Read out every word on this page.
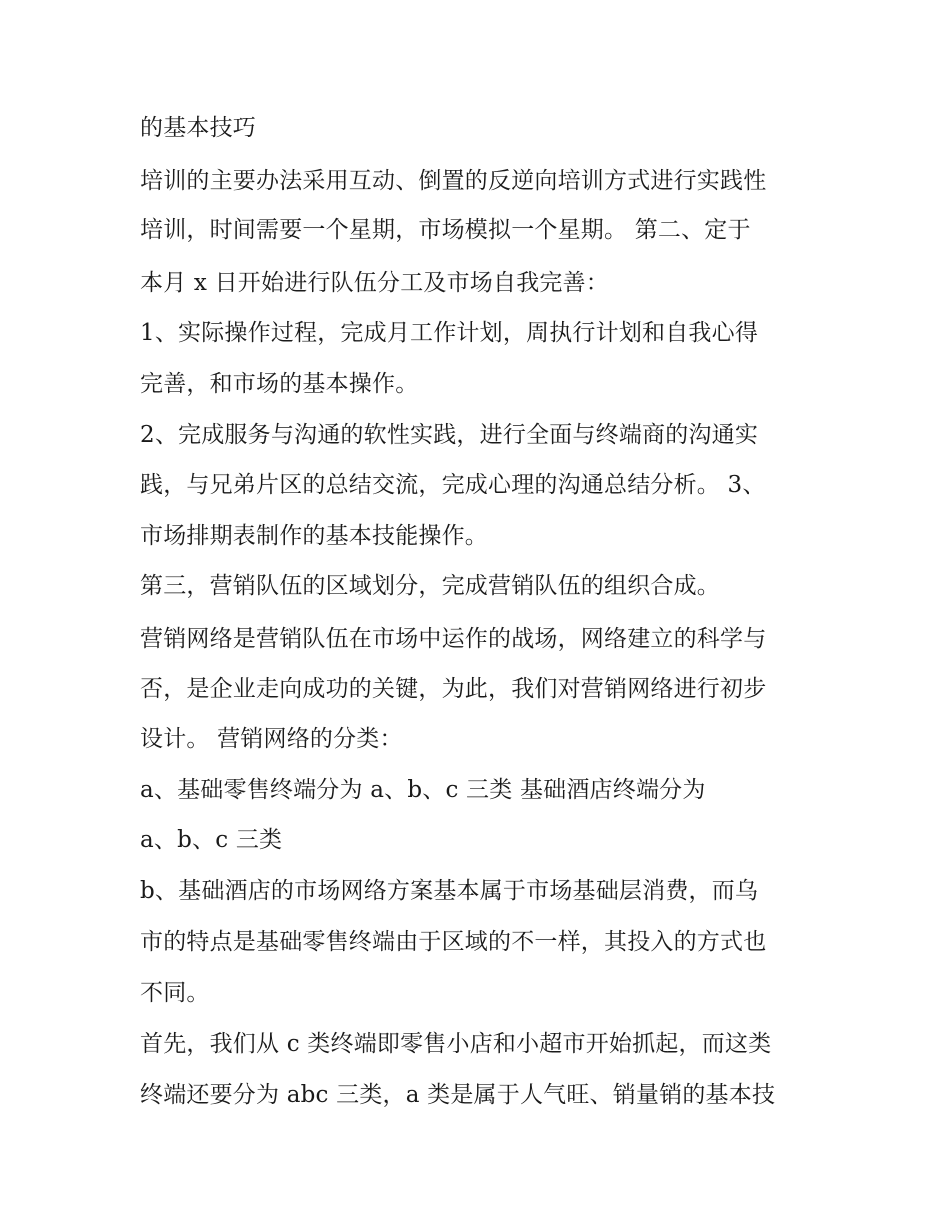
的基本技巧
培训的主要办法采用互动、倒置的反逆向培训方式进行实践性
培训，时间需要一个星期，市场模拟一个星期。 第二、定于
本月 x 日开始进行队伍分工及市场自我完善：
1、实际操作过程，完成月工作计划，周执行计划和自我心得
完善，和市场的基本操作。
2、完成服务与沟通的软性实践，进行全面与终端商的沟通实
践，与兄弟片区的总结交流，完成心理的沟通总结分析。 3、
市场排期表制作的基本技能操作。
第三，营销队伍的区域划分，完成营销队伍的组织合成。
营销网络是营销队伍在市场中运作的战场，网络建立的科学与
否，是企业走向成功的关键，为此，我们对营销网络进行初步
设计。 营销网络的分类：
a、基础零售终端分为 a、b、c 三类 基础酒店终端分为
a、b、c 三类
b、基础酒店的市场网络方案基本属于市场基础层消费，而乌
市的特点是基础零售终端由于区域的不一样，其投入的方式也
不同。
首先，我们从 c 类终端即零售小店和小超市开始抓起，而这类
终端还要分为 abc 三类，a 类是属于人气旺、销量销的基本技
